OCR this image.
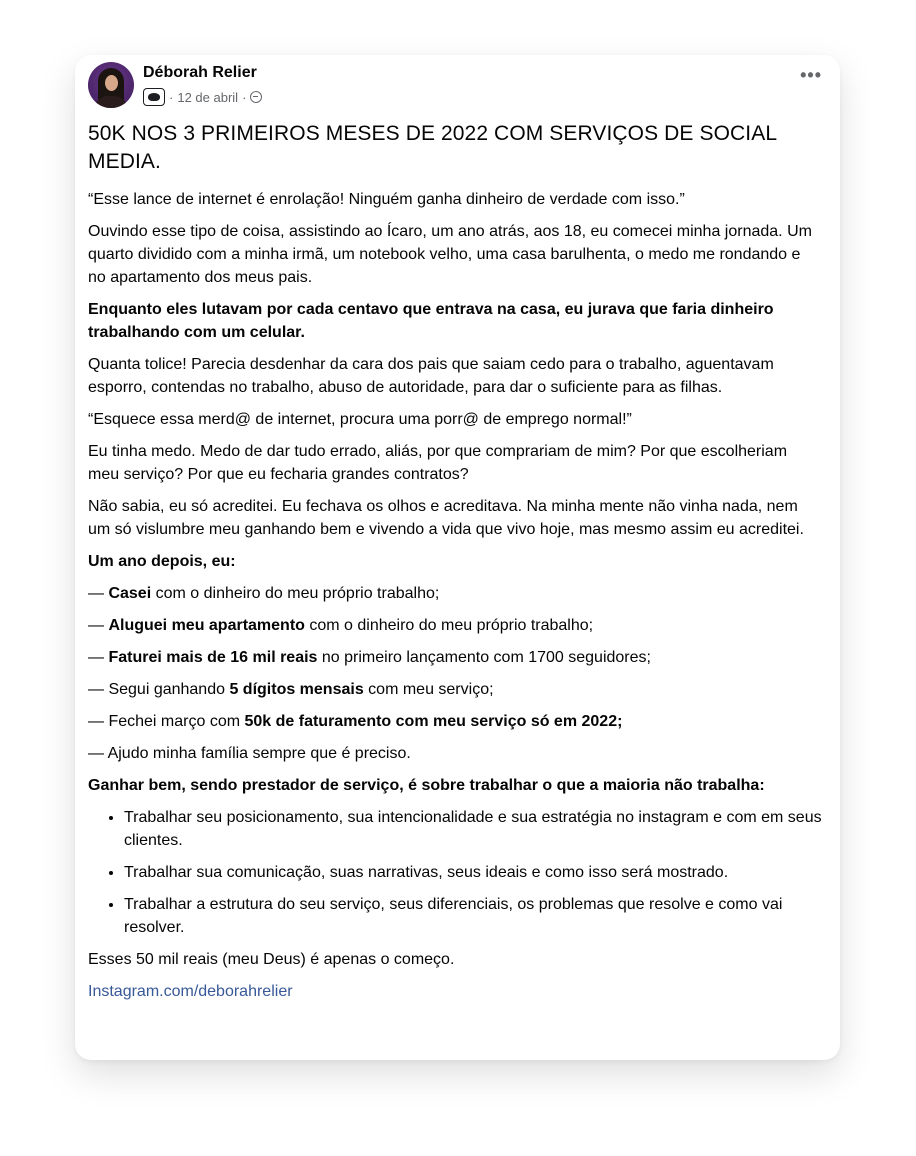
Déborah Relier
· 12 de abril ·
•••
50K NOS 3 PRIMEIROS MESES DE 2022 COM SERVIÇOS DE SOCIAL MEDIA.

“Esse lance de internet é enrolação! Ninguém ganha dinheiro de verdade com isso.”

Ouvindo esse tipo de coisa, assistindo ao Ícaro, um ano atrás, aos 18, eu comecei minha jornada. Um quarto dividido com a minha irmã, um notebook velho, uma casa barulhenta, o medo me rondando e no apartamento dos meus pais.

Enquanto eles lutavam por cada centavo que entrava na casa, eu jurava que faria dinheiro trabalhando com um celular.

Quanta tolice! Parecia desdenhar da cara dos pais que saiam cedo para o trabalho, aguentavam esporro, contendas no trabalho, abuso de autoridade, para dar o suficiente para as filhas.

“Esquece essa merd@ de internet, procura uma porr@ de emprego normal!”

Eu tinha medo. Medo de dar tudo errado, aliás, por que comprariam de mim? Por que escolheriam meu serviço? Por que eu fecharia grandes contratos?

Não sabia, eu só acreditei. Eu fechava os olhos e acreditava. Na minha mente não vinha nada, nem um só vislumbre meu ganhando bem e vivendo a vida que vivo hoje, mas mesmo assim eu acreditei.

Um ano depois, eu:

— Casei com o dinheiro do meu próprio trabalho;

— Aluguei meu apartamento com o dinheiro do meu próprio trabalho;

— Faturei mais de 16 mil reais no primeiro lançamento com 1700 seguidores;

— Segui ganhando 5 dígitos mensais com meu serviço;

— Fechei março com 50k de faturamento com meu serviço só em 2022;

— Ajudo minha família sempre que é preciso.

Ganhar bem, sendo prestador de serviço, é sobre trabalhar o que a maioria não trabalha:

• Trabalhar seu posicionamento, sua intencionalidade e sua estratégia no instagram e com em seus clientes.
• Trabalhar sua comunicação, suas narrativas, seus ideais e como isso será mostrado.
• Trabalhar a estrutura do seu serviço, seus diferenciais, os problemas que resolve e como vai resolver.

Esses 50 mil reais (meu Deus) é apenas o começo.

Instagram.com/deborahrelier
